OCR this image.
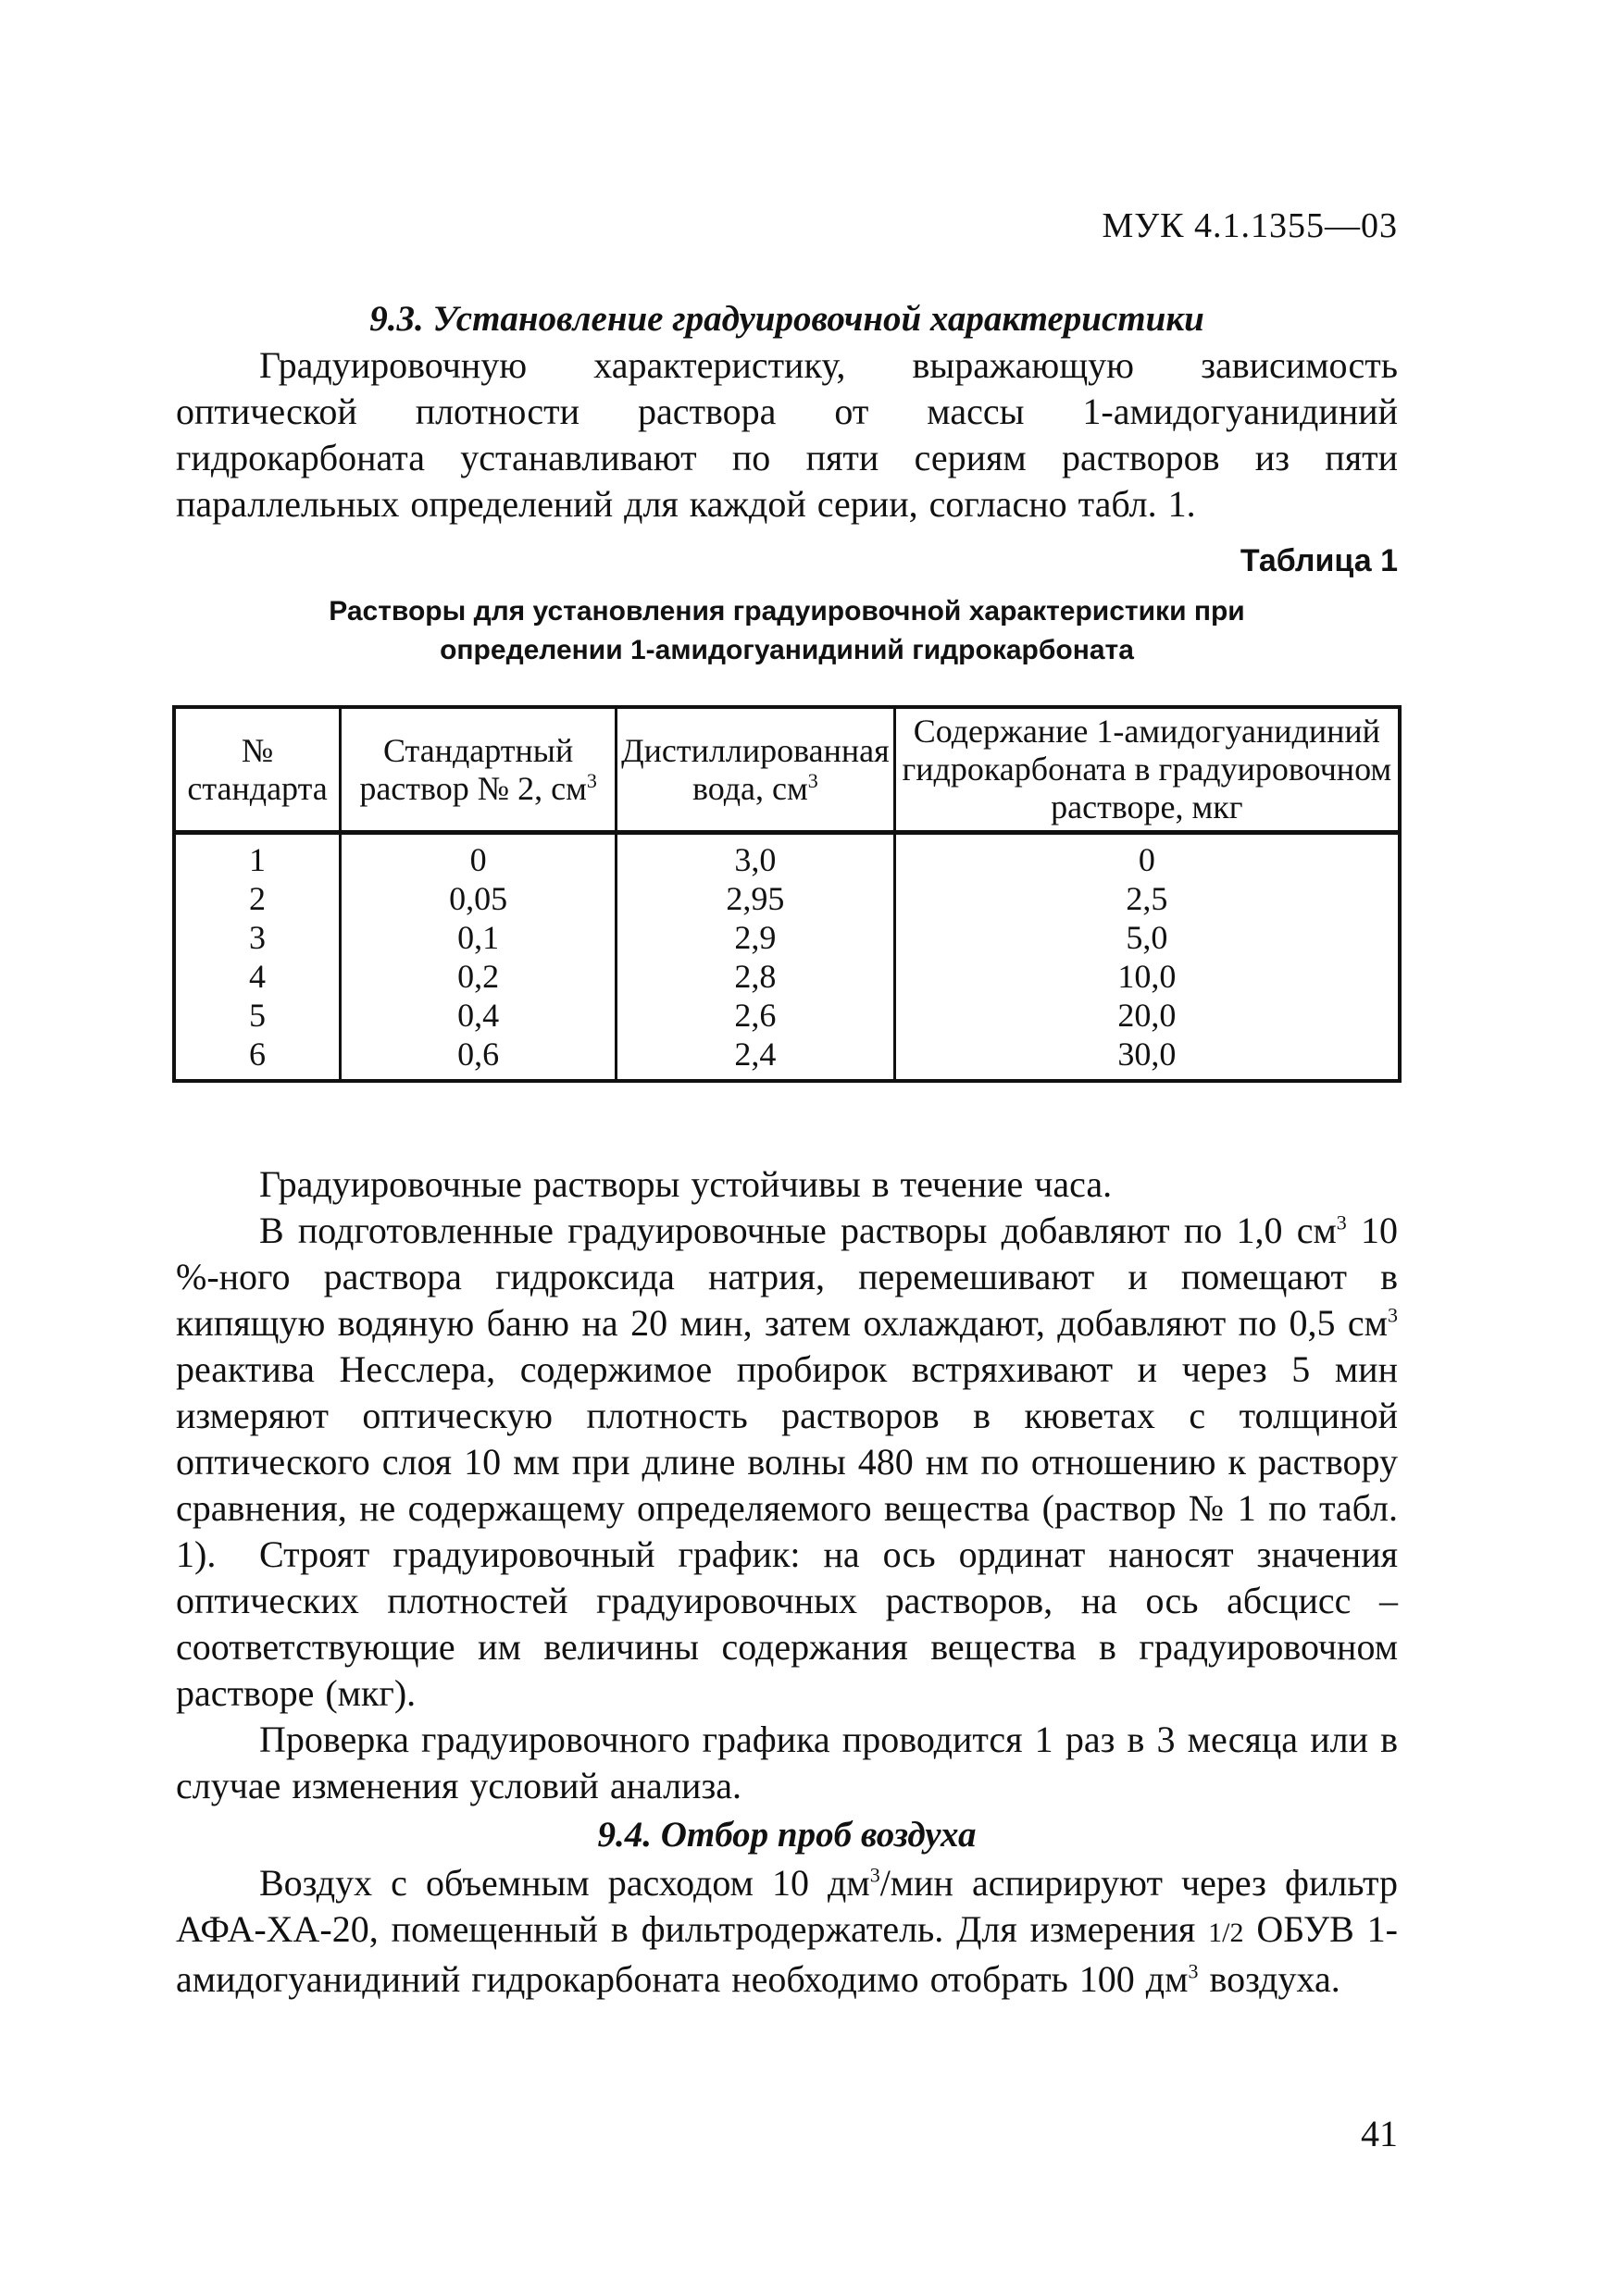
МУК 4.1.1355—03
9.3. Установление градуировочной характеристики

Градуировочную характеристику, выражающую зависимость оптической плотности раствора от массы 1-амидогуанидиний гидрокарбоната устанавливают по пяти сериям растворов из пяти параллельных определений для каждой серии, согласно табл. 1.

Таблица 1
Растворы для установления градуировочной характеристики при
определении 1-амидогуанидиний гидрокарбоната
№ стандарта	Стандартный раствор № 2, $см^3$	Дистиллированная вода, $см^3$	Содержание 1-амидогуанидиний гидрокарбоната в градуировочном растворе, мкг
1	0	3,0	0
2	0,05	2,95	2,5
3	0,1	2,9	5,0
4	0,2	2,8	10,0
5	0,4	2,6	20,0
6	0,6	2,4	30,0

Градуировочные растворы устойчивы в течение часа.

В подготовленные градуировочные растворы добавляют по 1,0 $см^3$ 10 %-ного раствора гидроксида натрия, перемешивают и помещают в кипящую водяную баню на 20 мин, затем охлаждают, добавляют по 0,5 $см^3$ реактива Несслера, содержимое пробирок встряхивают и через 5 мин измеряют оптическую плотность растворов в кюветах с толщиной оптического слоя 10 мм при длине волны 480 нм по отношению к раствору сравнения, не содержащему определяемого вещества (раствор № 1 по табл. 1).	Строят градуировочный график: на ось ординат наносят значения оптических плотностей градуировочных растворов, на ось абсцисс – соответствующие им величины содержания вещества в градуировочном растворе (мкг).

Проверка градуировочного графика проводится 1 раз в 3 месяца или в случае изменения условий анализа.

9.4. Отбор проб воздуха

Воздух с объемным расходом 10 $дм^3$/мин аспирируют через фильтр АФА-ХА-20, помещенный в фильтродержатель. Для измерения 1/2 ОБУВ 1-амидогуанидиний гидрокарбоната необходимо отобрать 100 $дм^3$ воздуха.

41
